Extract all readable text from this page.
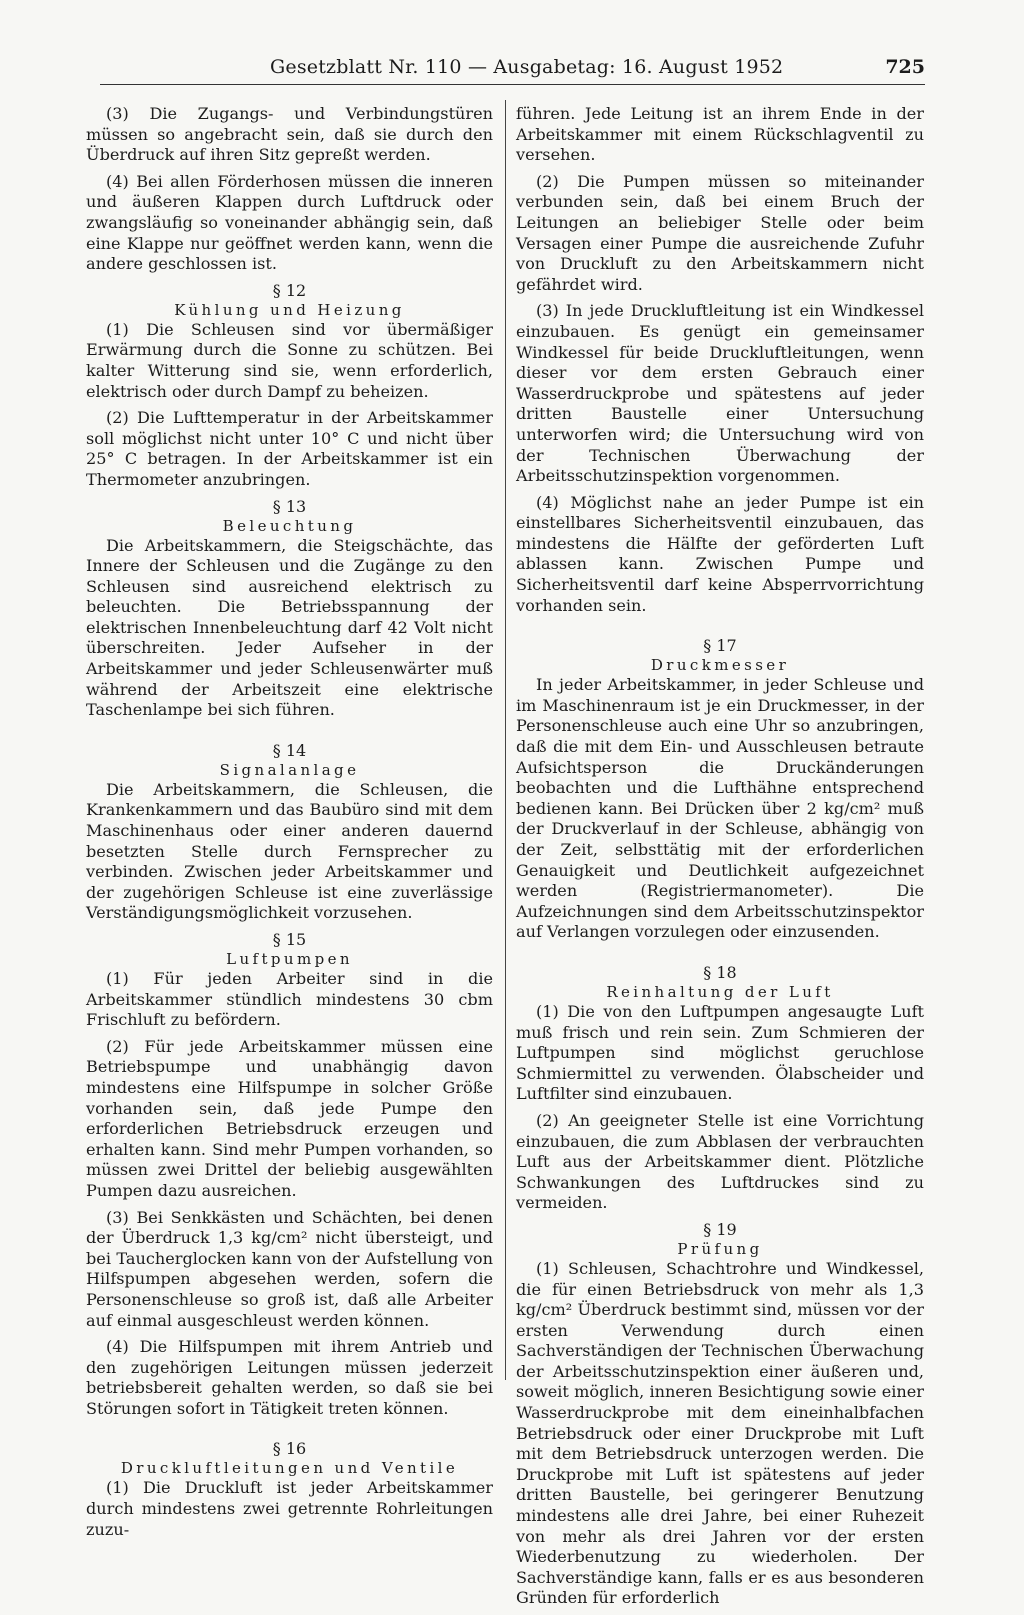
Gesetzblatt Nr. 110 — Ausgabetag: 16. August 1952	725

(3) Die Zugangs- und Verbindungstüren müssen so angebracht sein, daß sie durch den Überdruck auf ihren Sitz gepreßt werden.

(4) Bei allen Förderhosen müssen die inneren und äußeren Klappen durch Luftdruck oder zwangsläufig so voneinander abhängig sein, daß eine Klappe nur geöffnet werden kann, wenn die andere geschlossen ist.

§ 12
Kühlung und Heizung

(1) Die Schleusen sind vor übermäßiger Erwärmung durch die Sonne zu schützen. Bei kalter Witterung sind sie, wenn erforderlich, elektrisch oder durch Dampf zu beheizen.

(2) Die Lufttemperatur in der Arbeitskammer soll möglichst nicht unter 10° C und nicht über 25° C betragen. In der Arbeitskammer ist ein Thermometer anzubringen.

§ 13
Beleuchtung

Die Arbeitskammern, die Steigschächte, das Innere der Schleusen und die Zugänge zu den Schleusen sind ausreichend elektrisch zu beleuchten. Die Betriebsspannung der elektrischen Innenbeleuchtung darf 42 Volt nicht überschreiten. Jeder Aufseher in der Arbeitskammer und jeder Schleusenwärter muß während der Arbeitszeit eine elektrische Taschenlampe bei sich führen.

§ 14
Signalanlage

Die Arbeitskammern, die Schleusen, die Krankenkammern und das Baubüro sind mit dem Maschinenhaus oder einer anderen dauernd besetzten Stelle durch Fernsprecher zu verbinden. Zwischen jeder Arbeitskammer und der zugehörigen Schleuse ist eine zuverlässige Verständigungsmöglichkeit vorzusehen.

§ 15
Luftpumpen

(1) Für jeden Arbeiter sind in die Arbeitskammer stündlich mindestens 30 cbm Frischluft zu befördern.

(2) Für jede Arbeitskammer müssen eine Betriebspumpe und unabhängig davon mindestens eine Hilfspumpe in solcher Größe vorhanden sein, daß jede Pumpe den erforderlichen Betriebsdruck erzeugen und erhalten kann. Sind mehr Pumpen vorhanden, so müssen zwei Drittel der beliebig ausgewählten Pumpen dazu ausreichen.

(3) Bei Senkkästen und Schächten, bei denen der Überdruck 1,3 kg/cm² nicht übersteigt, und bei Taucherglocken kann von der Aufstellung von Hilfspumpen abgesehen werden, sofern die Personenschleuse so groß ist, daß alle Arbeiter auf einmal ausgeschleust werden können.

(4) Die Hilfspumpen mit ihrem Antrieb und den zugehörigen Leitungen müssen jederzeit betriebsbereit gehalten werden, so daß sie bei Störungen sofort in Tätigkeit treten können.

§ 16
Druckluftleitungen und Ventile

(1) Die Druckluft ist jeder Arbeitskammer durch mindestens zwei getrennte Rohrleitungen zuzu-

führen. Jede Leitung ist an ihrem Ende in der Arbeitskammer mit einem Rückschlagventil zu versehen.

(2) Die Pumpen müssen so miteinander verbunden sein, daß bei einem Bruch der Leitungen an beliebiger Stelle oder beim Versagen einer Pumpe die ausreichende Zufuhr von Druckluft zu den Arbeitskammern nicht gefährdet wird.

(3) In jede Druckluftleitung ist ein Windkessel einzubauen. Es genügt ein gemeinsamer Windkessel für beide Druckluftleitungen, wenn dieser vor dem ersten Gebrauch einer Wasserdruckprobe und spätestens auf jeder dritten Baustelle einer Untersuchung unterworfen wird; die Untersuchung wird von der Technischen Überwachung der Arbeitsschutzinspektion vorgenommen.

(4) Möglichst nahe an jeder Pumpe ist ein einstellbares Sicherheitsventil einzubauen, das mindestens die Hälfte der geförderten Luft ablassen kann. Zwischen Pumpe und Sicherheitsventil darf keine Absperrvorrichtung vorhanden sein.

§ 17
Druckmesser

In jeder Arbeitskammer, in jeder Schleuse und im Maschinenraum ist je ein Druckmesser, in der Personenschleuse auch eine Uhr so anzubringen, daß die mit dem Ein- und Ausschleusen betraute Aufsichtsperson die Druckänderungen beobachten und die Lufthähne entsprechend bedienen kann. Bei Drücken über 2 kg/cm² muß der Druckverlauf in der Schleuse, abhängig von der Zeit, selbsttätig mit der erforderlichen Genauigkeit und Deutlichkeit aufgezeichnet werden (Registriermanometer). Die Aufzeichnungen sind dem Arbeitsschutzinspektor auf Verlangen vorzulegen oder einzusenden.

§ 18
Reinhaltung der Luft

(1) Die von den Luftpumpen angesaugte Luft muß frisch und rein sein. Zum Schmieren der Luftpumpen sind möglichst geruchlose Schmiermittel zu verwenden. Ölabscheider und Luftfilter sind einzubauen.

(2) An geeigneter Stelle ist eine Vorrichtung einzubauen, die zum Abblasen der verbrauchten Luft aus der Arbeitskammer dient. Plötzliche Schwankungen des Luftdruckes sind zu vermeiden.

§ 19
Prüfung

(1) Schleusen, Schachtrohre und Windkessel, die für einen Betriebsdruck von mehr als 1,3 kg/cm² Überdruck bestimmt sind, müssen vor der ersten Verwendung durch einen Sachverständigen der Technischen Überwachung der Arbeitsschutzinspektion einer äußeren und, soweit möglich, inneren Besichtigung sowie einer Wasserdruckprobe mit dem eineinhalbfachen Betriebsdruck oder einer Druckprobe mit Luft mit dem Betriebsdruck unterzogen werden. Die Druckprobe mit Luft ist spätestens auf jeder dritten Baustelle, bei geringerer Benutzung mindestens alle drei Jahre, bei einer Ruhezeit von mehr als drei Jahren vor der ersten Wiederbenutzung zu wiederholen. Der Sachverständige kann, falls er es aus besonderen Gründen für erforderlich
